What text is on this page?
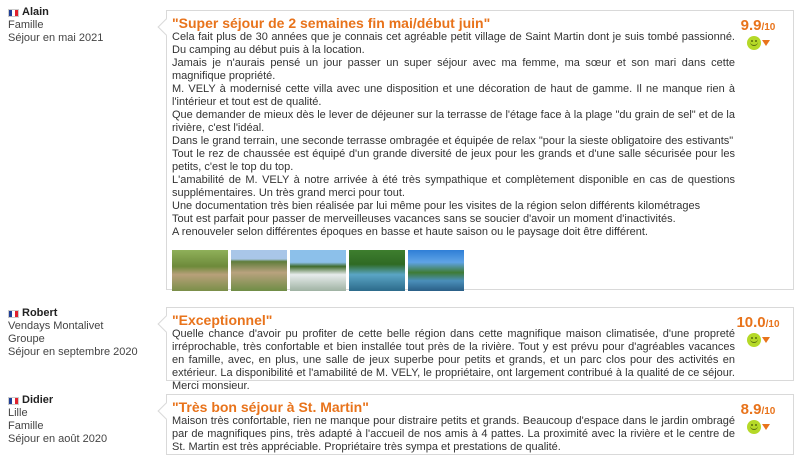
Alain
Famille
Séjour en mai 2021
"Super séjour de 2 semaines fin mai/début juin"

Cela fait plus de 30 années que je connais cet agréable petit village de Saint Martin dont je suis tombé passionné. Du camping au début puis à la location.

Jamais je n'aurais pensé un jour passer un super séjour avec ma femme, ma sœur et son mari dans cette magnifique propriété.

M. VELY à modernisé cette villa avec une disposition et une décoration de haut de gamme. Il ne manque rien à l'intérieur et tout est de qualité.

Que demander de mieux dès le lever de déjeuner sur la terrasse de l'étage face à la plage "du grain de sel" et de la rivière, c'est l'idéal.

Dans le grand terrain, une seconde terrasse ombragée et équipée de relax "pour la sieste obligatoire des estivants"

Tout le rez de chaussée est équipé d'un grande diversité de jeux pour les grands et d'une salle sécurisée pour les petits, c'est le top du top.

L'amabilité de M. VELY à notre arrivée à été très sympathique et complètement disponible en cas de questions supplémentaires. Un très grand merci pour tout.

Une documentation très bien réalisée par lui même pour les visites de la région selon différents kilométrages

Tout est parfait pour passer de merveilleuses vacances sans se soucier d'avoir un moment d'inactivités.

A renouveler selon différentes époques en basse et haute saison ou le paysage doit être différent.

9.9/10
Robert
Vendays Montalivet
Groupe
Séjour en septembre 2020
"Exceptionnel"
Quelle chance d'avoir pu profiter de cette belle région dans cette magnifique maison climatisée, d'une propreté irréprochable, très confortable et bien installée tout près de la rivière. Tout y est prévu pour d'agréables vacances en famille, avec, en plus, une salle de jeux superbe pour petits et grands, et un parc clos pour des activités en extérieur. La disponibilité et l'amabilité de M. VELY, le propriétaire, ont largement contribué à la qualité de ce séjour. Merci monsieur.
10.0/10
Didier
Lille
Famille
Séjour en août 2020
"Très bon séjour à St. Martin"
Maison très confortable, rien ne manque pour distraire petits et grands. Beaucoup d'espace dans le jardin ombragé par de magnifiques pins, très adapté à l'accueil de nos amis à 4 pattes. La proximité avec la rivière et le centre de St. Martin est très appréciable. Propriétaire très sympa et prestations de qualité.
8.9/10
